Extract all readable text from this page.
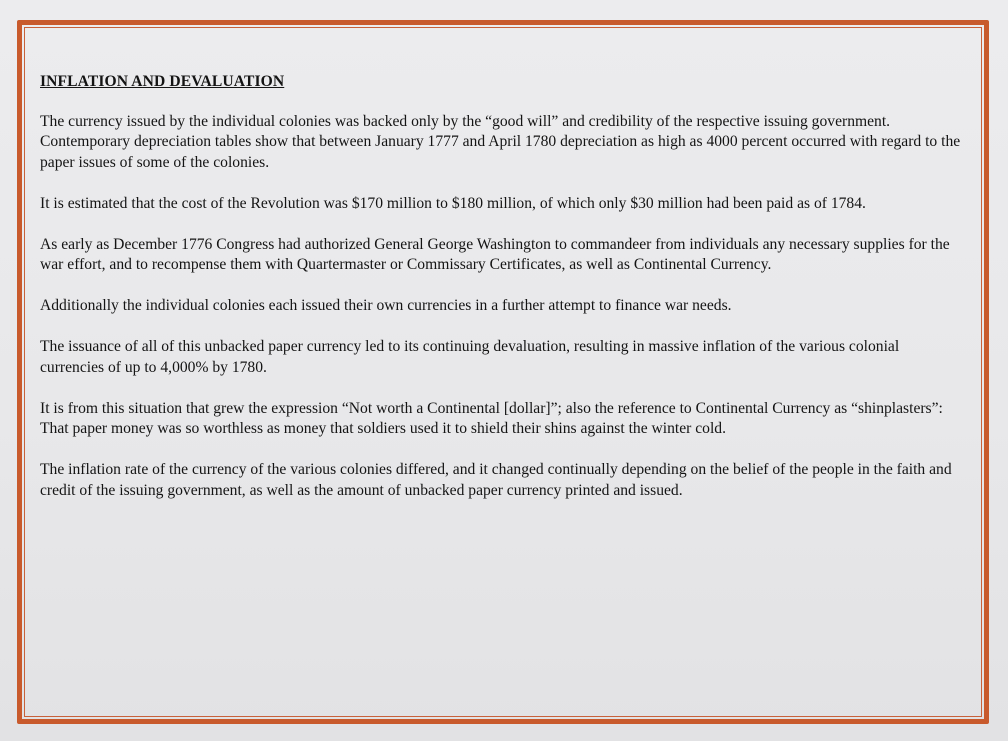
INFLATION AND DEVALUATION

The currency issued by the individual colonies was backed only by the “good will” and credibility of the respective issuing government. Contemporary depreciation tables show that between January 1777 and April 1780 depreciation as high as 4000 percent occurred with regard to the paper issues of some of the colonies.

It is estimated that the cost of the Revolution was $170 million to $180 million, of which only $30 million had been paid as of 1784.

As early as December 1776 Congress had authorized General George Washington to commandeer from individuals any necessary supplies for the war effort, and to recompense them with Quartermaster or Commissary Certificates, as well as Continental Currency.

Additionally the individual colonies each issued their own currencies in a further attempt to finance war needs.

The issuance of all of this unbacked paper currency led to its continuing devaluation, resulting in massive inflation of the various colonial currencies of up to 4,000% by 1780.

It is from this situation that grew the expression “Not worth a Continental [dollar]”; also the reference to Continental Currency as “shinplasters”: That paper money was so worthless as money that soldiers used it to shield their shins against the winter cold.

The inflation rate of the currency of the various colonies differed, and it changed continually depending on the belief of the people in the faith and credit of the issuing government, as well as the amount of unbacked paper currency printed and issued.
